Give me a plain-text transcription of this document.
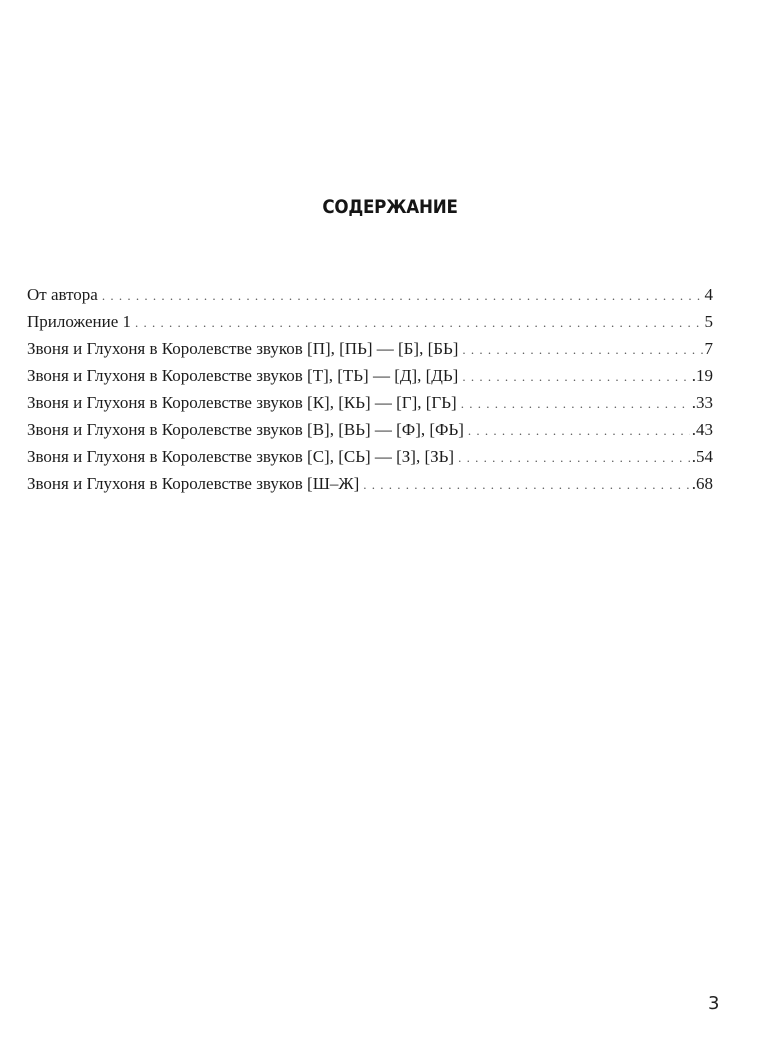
СОДЕРЖАНИЕ
От автора . . .	4
Приложение 1 . . .	5
Звоня и Глухоня в Королевстве звуков [П], [ПЬ] — [Б], [БЬ] . . .	7
Звоня и Глухоня в Королевстве звуков [Т], [ТЬ] — [Д], [ДЬ] . . .	.19
Звоня и Глухоня в Королевстве звуков [К], [КЬ] — [Г], [ГЬ] . . .	.33
Звоня и Глухоня в Королевстве звуков [В], [ВЬ] — [Ф], [ФЬ] . . .	.43
Звоня и Глухоня в Королевстве звуков [С], [СЬ] — [З], [ЗЬ] . . .	.54
Звоня и Глухоня в Королевстве звуков [Ш–Ж] . . .	.68
3
